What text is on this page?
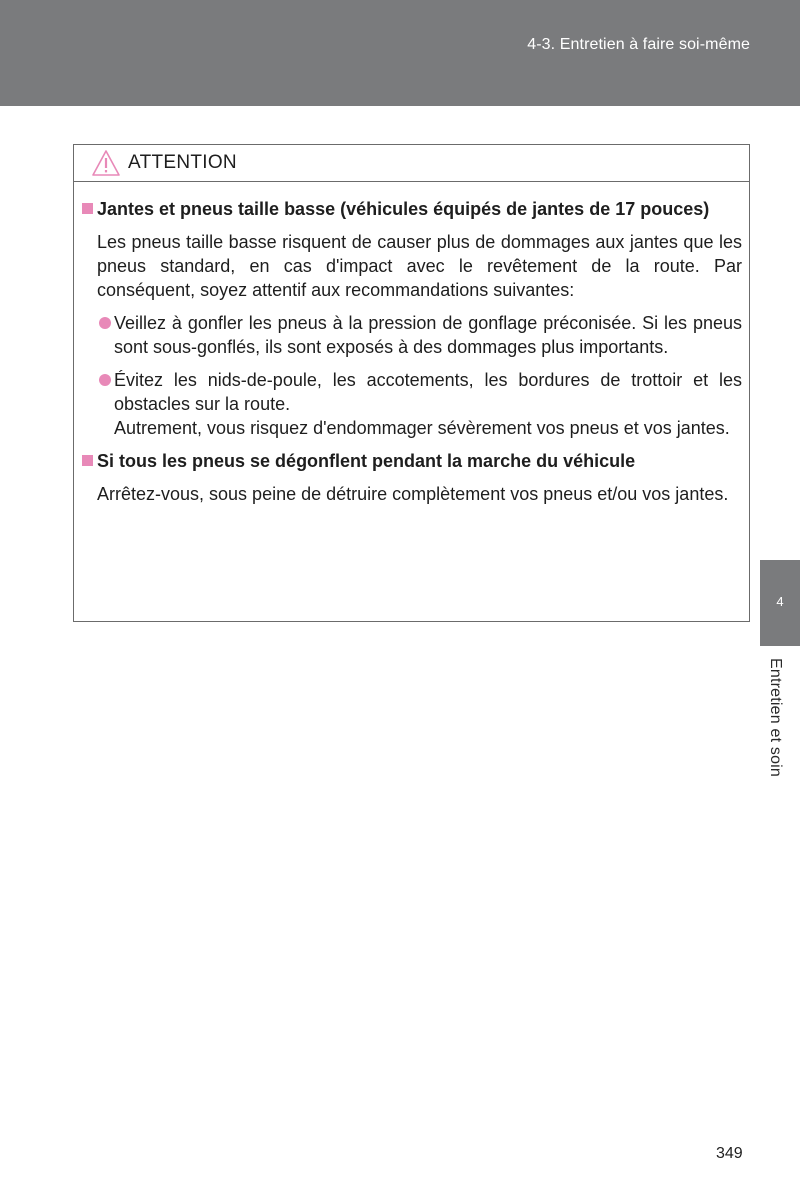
4-3. Entretien à faire soi-même
4
Entretien et soin
ATTENTION
Jantes et pneus taille basse (véhicules équipés de jantes de 17 pouces)
Les pneus taille basse risquent de causer plus de dommages aux jantes que les pneus standard, en cas d'impact avec le revêtement de la route. Par conséquent, soyez attentif aux recommandations suivantes:
Veillez à gonfler les pneus à la pression de gonflage préconisée. Si les pneus sont sous-gonflés, ils sont exposés à des dommages plus importants.
Évitez les nids-de-poule, les accotements, les bordures de trottoir et les obstacles sur la route.
Autrement, vous risquez d'endommager sévèrement vos pneus et vos jantes.
Si tous les pneus se dégonflent pendant la marche du véhicule
Arrêtez-vous, sous peine de détruire complètement vos pneus et/ou vos jantes.
349
